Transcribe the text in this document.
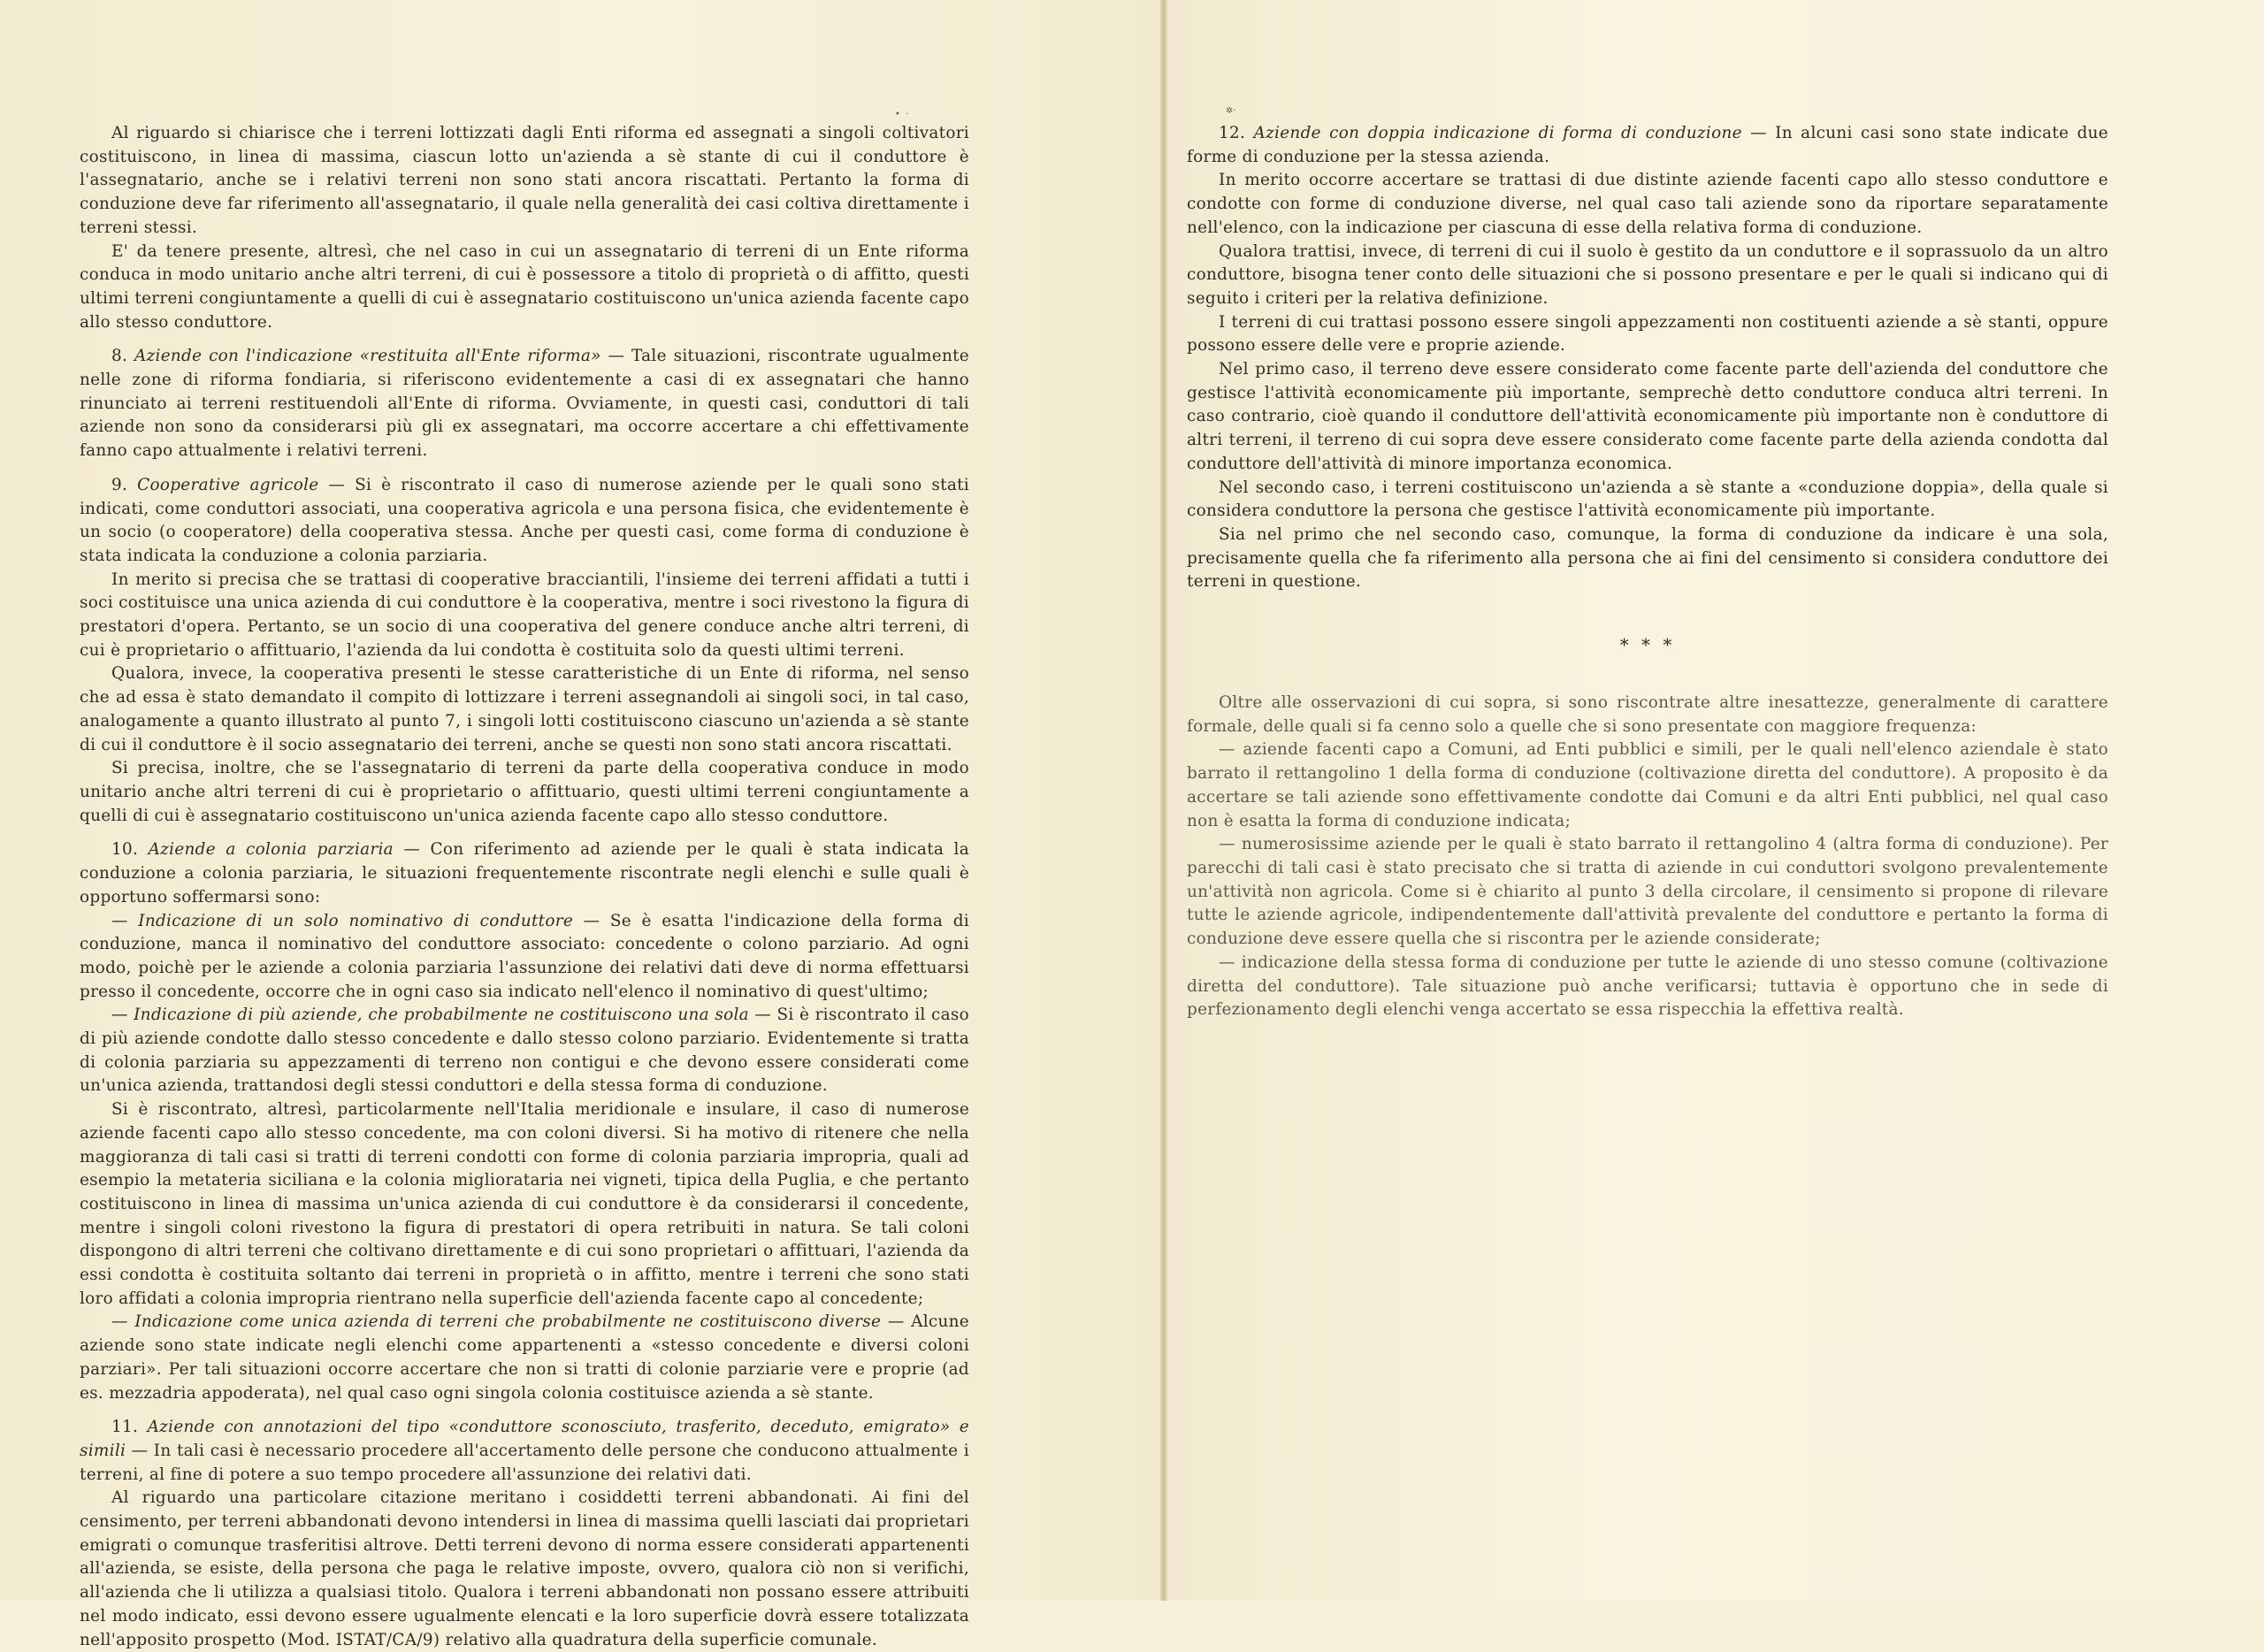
•  ·

Al riguardo si chiarisce che i terreni lottizzati dagli Enti riforma ed assegnati a singoli coltivatori costituiscono, in linea di massima, ciascun lotto un'azienda a sè stante di cui il conduttore è l'assegnatario, anche se i relativi terreni non sono stati ancora riscattati. Pertanto la forma di conduzione deve far riferimento all'assegnatario, il quale nella generalità dei casi coltiva direttamente i terreni stessi.

E' da tenere presente, altresì, che nel caso in cui un assegnatario di terreni di un Ente riforma conduca in modo unitario anche altri terreni, di cui è possessore a titolo di proprietà o di affitto, questi ultimi terreni congiuntamente a quelli di cui è assegnatario costituiscono un'unica azienda facente capo allo stesso conduttore.

8. Aziende con l'indicazione «restituita all'Ente riforma» — Tale situazioni, riscontrate ugualmente nelle zone di riforma fondiaria, si riferiscono evidentemente a casi di ex assegnatari che hanno rinunciato ai terreni restituendoli all'Ente di riforma. Ovviamente, in questi casi, conduttori di tali aziende non sono da considerarsi più gli ex assegnatari, ma occorre accertare a chi effettivamente fanno capo attualmente i relativi terreni.

9. Cooperative agricole — Si è riscontrato il caso di numerose aziende per le quali sono stati indicati, come conduttori associati, una cooperativa agricola e una persona fisica, che evidentemente è un socio (o cooperatore) della cooperativa stessa. Anche per questi casi, come forma di conduzione è stata indicata la conduzione a colonia parziaria.

In merito si precisa che se trattasi di cooperative bracciantili, l'insieme dei terreni affidati a tutti i soci costituisce una unica azienda di cui conduttore è la cooperativa, mentre i soci rivestono la figura di prestatori d'opera. Pertanto, se un socio di una cooperativa del genere conduce anche altri terreni, di cui è proprietario o affittuario, l'azienda da lui condotta è costituita solo da questi ultimi terreni.

Qualora, invece, la cooperativa presenti le stesse caratteristiche di un Ente di riforma, nel senso che ad essa è stato demandato il compito di lottizzare i terreni assegnandoli ai singoli soci, in tal caso, analogamente a quanto illustrato al punto 7, i singoli lotti costituiscono ciascuno un'azienda a sè stante di cui il conduttore è il socio assegnatario dei terreni, anche se questi non sono stati ancora riscattati.

Si precisa, inoltre, che se l'assegnatario di terreni da parte della cooperativa conduce in modo unitario anche altri terreni di cui è proprietario o affittuario, questi ultimi terreni congiuntamente a quelli di cui è assegnatario costituiscono un'unica azienda facente capo allo stesso conduttore.

10. Aziende a colonia parziaria — Con riferimento ad aziende per le quali è stata indicata la conduzione a colonia parziaria, le situazioni frequentemente riscontrate negli elenchi e sulle quali è opportuno soffermarsi sono:

— Indicazione di un solo nominativo di conduttore — Se è esatta l'indicazione della forma di conduzione, manca il nominativo del conduttore associato: concedente o colono parziario. Ad ogni modo, poichè per le aziende a colonia parziaria l'assunzione dei relativi dati deve di norma effettuarsi presso il concedente, occorre che in ogni caso sia indicato nell'elenco il nominativo di quest'ultimo;

— Indicazione di più aziende, che probabilmente ne costituiscono una sola — Si è riscontrato il caso di più aziende condotte dallo stesso concedente e dallo stesso colono parziario. Evidentemente si tratta di colonia parziaria su appezzamenti di terreno non contigui e che devono essere considerati come un'unica azienda, trattandosi degli stessi conduttori e della stessa forma di conduzione.

Si è riscontrato, altresì, particolarmente nell'Italia meridionale e insulare, il caso di numerose aziende facenti capo allo stesso concedente, ma con coloni diversi. Si ha motivo di ritenere che nella maggioranza di tali casi si tratti di terreni condotti con forme di colonia parziaria impropria, quali ad esempio la metateria siciliana e la colonia miglioratariа nei vigneti, tipica della Puglia, e che pertanto costituiscono in linea di massima un'unica azienda di cui conduttore è da considerarsi il concedente, mentre i singoli coloni rivestono la figura di prestatori di opera retribuiti in natura. Se tali coloni dispongono di altri terreni che coltivano direttamente e di cui sono proprietari o affittuari, l'azienda da essi condotta è costituita soltanto dai terreni in proprietà o in affitto, mentre i terreni che sono stati loro affidati a colonia impropria rientrano nella superficie dell'azienda facente capo al concedente;

— Indicazione come unica azienda di terreni che probabilmente ne costituiscono diverse — Alcune aziende sono state indicate negli elenchi come appartenenti a «stesso concedente e diversi coloni parziari». Per tali situazioni occorre accertare che non si tratti di colonie parziarie vere e proprie (ad es. mezzadria appoderata), nel qual caso ogni singola colonia costituisce azienda a sè stante.

11. Aziende con annotazioni del tipo «conduttore sconosciuto, trasferito, deceduto, emigrato» e simili — In tali casi è necessario procedere all'accertamento delle persone che conducono attualmente i terreni, al fine di potere a suo tempo procedere all'assunzione dei relativi dati.

Al riguardo una particolare citazione meritano i cosiddetti terreni abbandonati. Ai fini del censimento, per terreni abbandonati devono intendersi in linea di massima quelli lasciati dai proprietari emigrati o comunque trasferitisi altrove. Detti terreni devono di norma essere considerati appartenenti all'azienda, se esiste, della persona che paga le relative imposte, ovvero, qualora ciò non si verifichi, all'azienda che li utilizza a qualsiasi titolo. Qualora i terreni abbandonati non possano essere attribuiti nel modo indicato, essi devono essere ugualmente elencati e la loro superficie dovrà essere totalizzata nell'apposito prospetto (Mod. ISTAT/CA/9) relativo alla quadratura della superficie comunale.

✲·

12. Aziende con doppia indicazione di forma di conduzione — In alcuni casi sono state indicate due forme di conduzione per la stessa azienda.

In merito occorre accertare se trattasi di due distinte aziende facenti capo allo stesso conduttore e condotte con forme di conduzione diverse, nel qual caso tali aziende sono da riportare separatamente nell'elenco, con la indicazione per ciascuna di esse della relativa forma di conduzione.

Qualora trattisi, invece, di terreni di cui il suolo è gestito da un conduttore e il soprassuolo da un altro conduttore, bisogna tener conto delle situazioni che si possono presentare e per le quali si indicano qui di seguito i criteri per la relativa definizione.

I terreni di cui trattasi possono essere singoli appezzamenti non costituenti aziende a sè stanti, oppure possono essere delle vere e proprie aziende.

Nel primo caso, il terreno deve essere considerato come facente parte dell'azienda del conduttore che gestisce l'attività economicamente più importante, semprechè detto conduttore conduca altri terreni. In caso contrario, cioè quando il conduttore dell'attività economicamente più importante non è conduttore di altri terreni, il terreno di cui sopra deve essere considerato come facente parte della azienda condotta dal conduttore dell'attività di minore importanza economica.

Nel secondo caso, i terreni costituiscono un'azienda a sè stante a «conduzione doppia», della quale si considera conduttore la persona che gestisce l'attività economicamente più importante.

Sia nel primo che nel secondo caso, comunque, la forma di conduzione da indicare è una sola, precisamente quella che fa riferimento alla persona che ai fini del censimento si considera conduttore dei terreni in questione.

* * *

Oltre alle osservazioni di cui sopra, si sono riscontrate altre inesattezze, generalmente di carattere formale, delle quali si fa cenno solo a quelle che si sono presentate con maggiore frequenza:

— aziende facenti capo a Comuni, ad Enti pubblici e simili, per le quali nell'elenco aziendale è stato barrato il rettangolino 1 della forma di conduzione (coltivazione diretta del conduttore). A proposito è da accertare se tali aziende sono effettivamente condotte dai Comuni e da altri Enti pubblici, nel qual caso non è esatta la forma di conduzione indicata;

— numerosissime aziende per le quali è stato barrato il rettangolino 4 (altra forma di conduzione). Per parecchi di tali casi è stato precisato che si tratta di aziende in cui conduttori svolgono prevalentemente un'attività non agricola. Come si è chiarito al punto 3 della circolare, il censimento si propone di rilevare tutte le aziende agricole, indipendentemente dall'attività prevalente del conduttore e pertanto la forma di conduzione deve essere quella che si riscontra per le aziende considerate;

— indicazione della stessa forma di conduzione per tutte le aziende di uno stesso comune (coltivazione diretta del conduttore). Tale situazione può anche verificarsi; tuttavia è opportuno che in sede di perfezionamento degli elenchi venga accertato se essa rispecchia la effettiva realtà.
